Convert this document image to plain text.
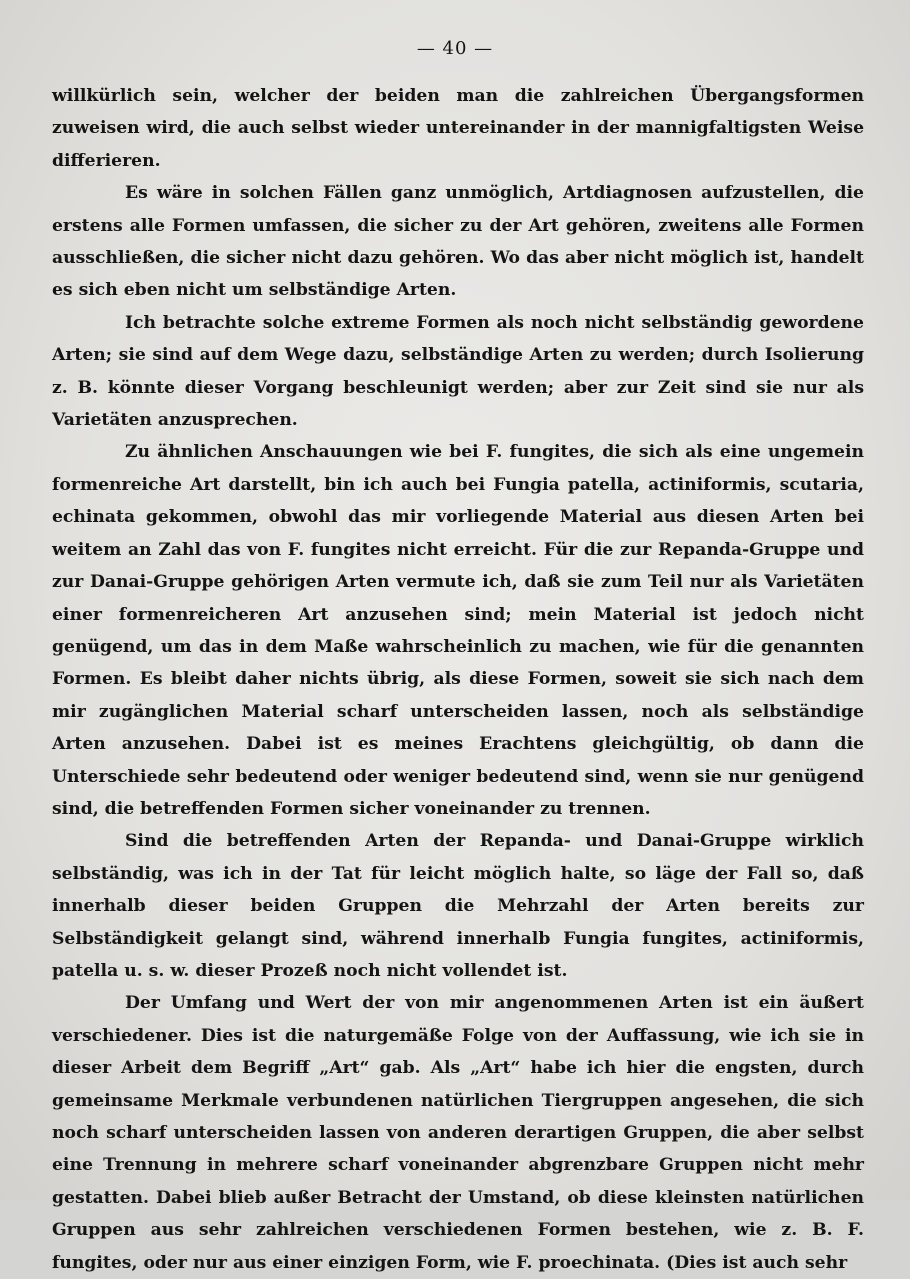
— 40 —

willkürlich sein, welcher der beiden man die zahlreichen Übergangsformen zuweisen wird, die auch selbst wieder untereinander in der mannigfaltigsten Weise differieren.

Es wäre in solchen Fällen ganz unmöglich, Artdiagnosen aufzustellen, die erstens alle Formen umfassen, die sicher zu der Art gehören, zweitens alle Formen ausschließen, die sicher nicht dazu gehören. Wo das aber nicht möglich ist, handelt es sich eben nicht um selbständige Arten.

Ich betrachte solche extreme Formen als noch nicht selbständig gewordene Arten; sie sind auf dem Wege dazu, selbständige Arten zu werden; durch Isolierung z. B. könnte dieser Vorgang beschleunigt werden; aber zur Zeit sind sie nur als Varietäten anzusprechen.

Zu ähnlichen Anschauungen wie bei F. fungites, die sich als eine ungemein formenreiche Art darstellt, bin ich auch bei Fungia patella, actiniformis, scutaria, echinata gekommen, obwohl das mir vorliegende Material aus diesen Arten bei weitem an Zahl das von F. fungites nicht erreicht. Für die zur Repanda-Gruppe und zur Danai-Gruppe gehörigen Arten vermute ich, daß sie zum Teil nur als Varietäten einer formenreicheren Art anzusehen sind; mein Material ist jedoch nicht genügend, um das in dem Maße wahrscheinlich zu machen, wie für die genannten Formen. Es bleibt daher nichts übrig, als diese Formen, soweit sie sich nach dem mir zugänglichen Material scharf unterscheiden lassen, noch als selbständige Arten anzusehen. Dabei ist es meines Erachtens gleichgültig, ob dann die Unterschiede sehr bedeutend oder weniger bedeutend sind, wenn sie nur genügend sind, die betreffenden Formen sicher voneinander zu trennen.

Sind die betreffenden Arten der Repanda- und Danai-Gruppe wirklich selbständig, was ich in der Tat für leicht möglich halte, so läge der Fall so, daß innerhalb dieser beiden Gruppen die Mehrzahl der Arten bereits zur Selbständigkeit gelangt sind, während innerhalb Fungia fungites, actiniformis, patella u. s. w. dieser Prozeß noch nicht vollendet ist.

Der Umfang und Wert der von mir angenommenen Arten ist ein äußert verschiedener. Dies ist die naturgemäße Folge von der Auffassung, wie ich sie in dieser Arbeit dem Begriff „Art“ gab. Als „Art“ habe ich hier die engsten, durch gemeinsame Merkmale verbundenen natürlichen Tiergruppen angesehen, die sich noch scharf unterscheiden lassen von anderen derartigen Gruppen, die aber selbst eine Trennung in mehrere scharf voneinander abgrenzbare Gruppen nicht mehr gestatten. Dabei blieb außer Betracht der Umstand, ob diese kleinsten natürlichen Gruppen aus sehr zahlreichen verschiedenen Formen bestehen, wie z. B. F. fungites, oder nur aus einer einzigen Form, wie F. proechinata. (Dies ist auch sehr
